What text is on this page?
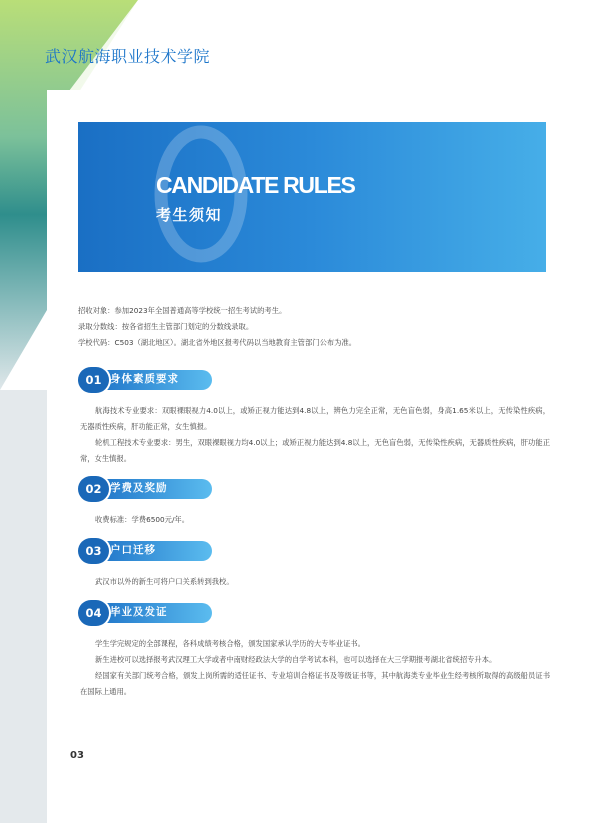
武汉航海职业技术学院
CANDIDATE RULES
考生须知

招收对象：参加2023年全国普通高等学校统一招生考试的考生。

录取分数线：按各省招生主管部门划定的分数线录取。

学校代码：C503（湖北地区）。湖北省外地区报考代码以当地教育主管部门公布为准。

身体素质要求
01

航海技术专业要求：双眼裸眼视力4.0以上，或矫正视力能达到4.8以上，辨色力完全正常，无色盲色弱，身高1.65米以上，无传染性疾病，无器质性疾病，肝功能正常，女生慎报。

轮机工程技术专业要求：男生，双眼裸眼视力均4.0以上；或矫正视力能达到4.8以上，无色盲色弱，无传染性疾病，无器质性疾病，肝功能正常，女生慎报。

学费及奖励
02

收费标准：学费6500元/年。

户口迁移
03

武汉市以外的新生可将户口关系转到我校。

毕业及发证
04

学生学完规定的全部课程，各科成绩考核合格，颁发国家承认学历的大专毕业证书。

新生进校可以选择报考武汉理工大学或者中南财经政法大学的自学考试本科，也可以选择在大三学期报考湖北省统招专升本。

经国家有关部门统考合格，颁发上岗所需的适任证书、专业培训合格证书及等级证书等，其中航海类专业毕业生经考核所取得的高级船员证书在国际上通用。

03
